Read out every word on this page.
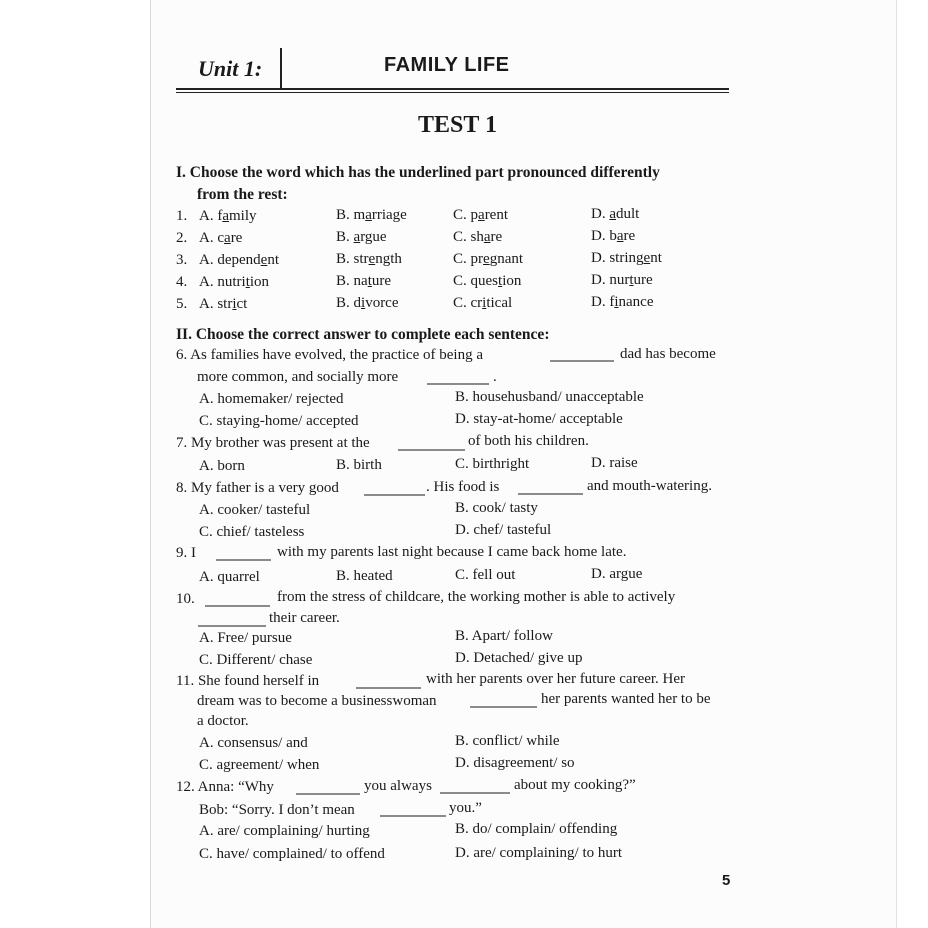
Unit 1:	FAMILY LIFE
TEST 1
I. Choose the word which has the underlined part pronounced differently
from the rest:
1. A. family	B. marriage	C. parent	D. adult
2. A. care	B. argue	C. share	D. bare
3. A. dependent	B. strength	C. pregnant	D. stringent
4. A. nutrition	B. nature	C. question	D. nurture
5. A. strict	B. divorce	C. critical	D. finance
II. Choose the correct answer to complete each sentence:
6. As families have evolved, the practice of being a	dad has become
more common, and socially more	.
A. homemaker/ rejected	B. househusband/ unacceptable
C. staying-home/ accepted	D. stay-at-home/ acceptable
7. My brother was present at the	of both his children.
A. born	B. birth	C. birthright	D. raise
8. My father is a very good	. His food is	and mouth-watering.
A. cooker/ tasteful	B. cook/ tasty
C. chief/ tasteless	D. chef/ tasteful
9. I	with my parents last night because I came back home late.
A. quarrel	B. heated	C. fell out	D. argue
10.	from the stress of childcare, the working mother is able to actively
their career.
A. Free/ pursue	B. Apart/ follow
C. Different/ chase	D. Detached/ give up
11. She found herself in	with her parents over her future career. Her
dream was to become a businesswoman	her parents wanted her to be
a doctor.
A. consensus/ and	B. conflict/ while
C. agreement/ when	D. disagreement/ so
12. Anna: “Why	you always	about my cooking?”
Bob: “Sorry. I don’t mean	you.”
A. are/ complaining/ hurting	B. do/ complain/ offending
C. have/ complained/ to offend	D. are/ complaining/ to hurt
5
